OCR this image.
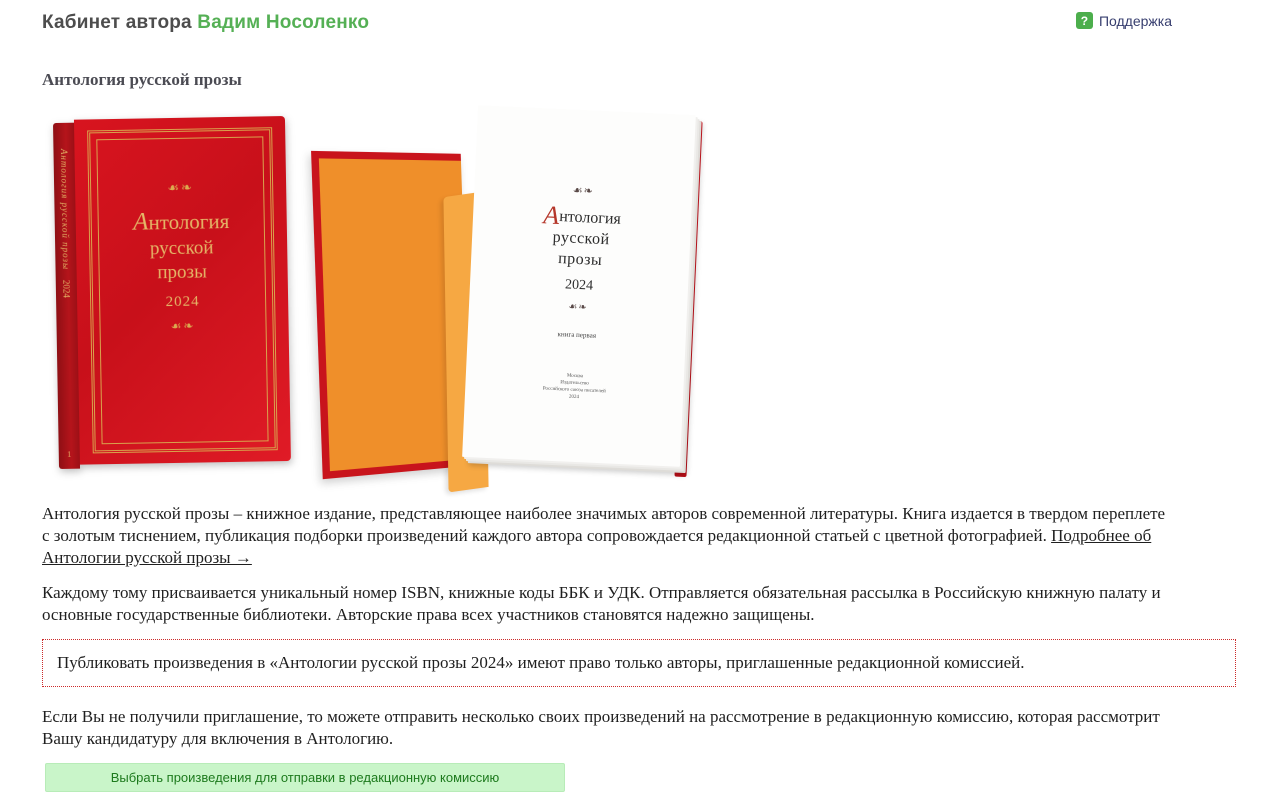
Кабинет автора Вадим Носоленко	? Поддержка
Антология русской прозы
Антология русской прозы
2024
1
☙❧
Антология
русской
прозы
2024
☙❧
☙❧
Антология
русской
прозы
2024
☙❧
книга первая
Москва
Издательство
Российского союза писателей
2024

Антология русской прозы – книжное издание, представляющее наиболее значимых авторов современной литературы. Книга издается в твердом переплете с золотым тиснением, публикация подборки произведений каждого автора сопровождается редакционной статьей с цветной фотографией. Подробнее об Антологии русской прозы →

Каждому тому присваивается уникальный номер ISBN, книжные коды ББК и УДК. Отправляется обязательная рассылка в Российскую книжную палату и основные государственные библиотеки. Авторские права всех участников становятся надежно защищены.

Публиковать произведения в «Антологии русской прозы 2024» имеют право только авторы, приглашенные редакционной комиссией.

Если Вы не получили приглашение, то можете отправить несколько своих произведений на рассмотрение в редакционную комиссию, которая рассмотрит Вашу кандидатуру для включения в Антологию.

Выбрать произведения для отправки в редакционную комиссию
